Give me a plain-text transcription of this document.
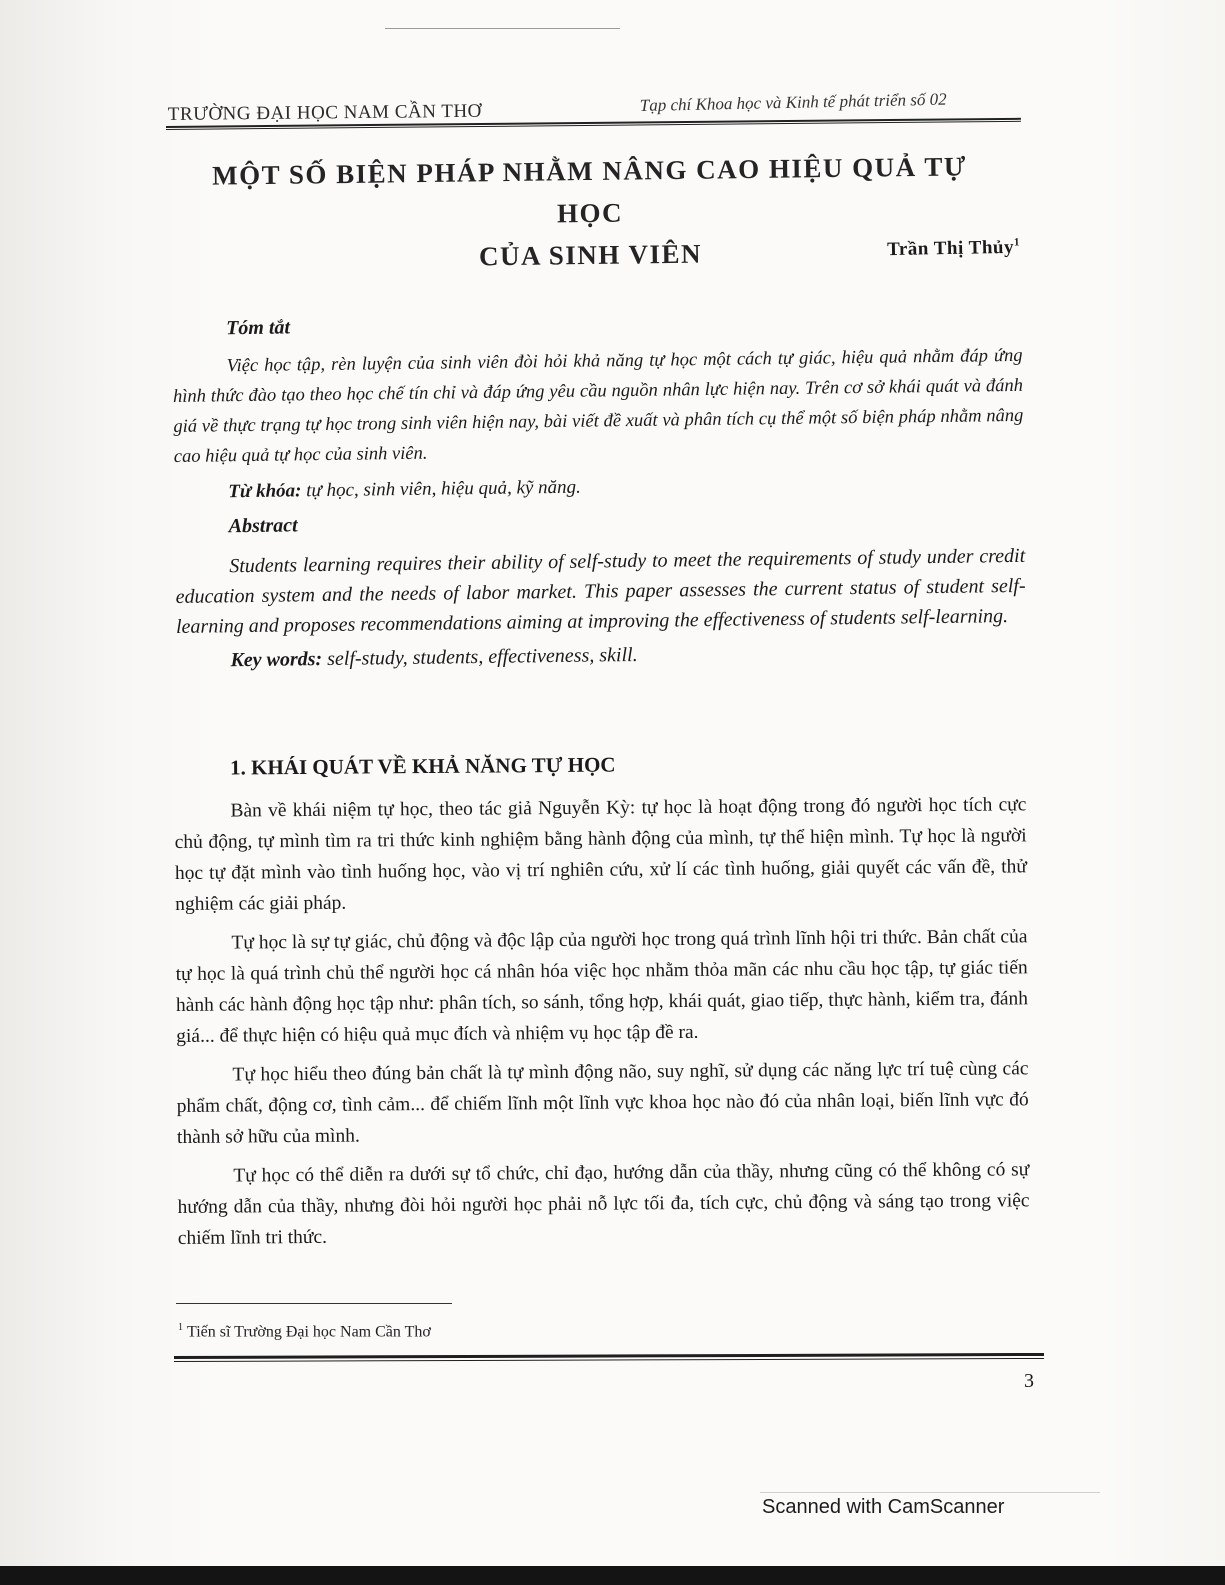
TRƯỜNG ĐẠI HỌC NAM CẦN THƠ	Tạp chí Khoa học và Kinh tế phát triển số 02
MỘT SỐ BIỆN PHÁP NHẰM NÂNG CAO HIỆU QUẢ TỰ HỌC
CỦA SINH VIÊN	Trần Thị Thủy$^1$
Tóm tắt

Việc học tập, rèn luyện của sinh viên đòi hỏi khả năng tự học một cách tự giác, hiệu quả nhằm đáp ứng hình thức đào tạo theo học chế tín chỉ và đáp ứng yêu cầu nguồn nhân lực hiện nay. Trên cơ sở khái quát và đánh giá về thực trạng tự học trong sinh viên hiện nay, bài viết đề xuất và phân tích cụ thể một số biện pháp nhằm nâng cao hiệu quả tự học của sinh viên.

Từ khóa: tự học, sinh viên, hiệu quả, kỹ năng.
Abstract

Students learning requires their ability of self-study to meet the requirements of study under credit education system and the needs of labor market. This paper assesses the current status of student self-learning and proposes recommendations aiming at improving the effectiveness of students self-learning.

Key words: self-study, students, effectiveness, skill.
1. KHÁI QUÁT VỀ KHẢ NĂNG TỰ HỌC

Bàn về khái niệm tự học, theo tác giả Nguyễn Kỳ: tự học là hoạt động trong đó người học tích cực chủ động, tự mình tìm ra tri thức kinh nghiệm bằng hành động của mình, tự thể hiện mình. Tự học là người học tự đặt mình vào tình huống học, vào vị trí nghiên cứu, xử lí các tình huống, giải quyết các vấn đề, thử nghiệm các giải pháp.

Tự học là sự tự giác, chủ động và độc lập của người học trong quá trình lĩnh hội tri thức. Bản chất của tự học là quá trình chủ thể người học cá nhân hóa việc học nhằm thỏa mãn các nhu cầu học tập, tự giác tiến hành các hành động học tập như: phân tích, so sánh, tổng hợp, khái quát, giao tiếp, thực hành, kiểm tra, đánh giá... để thực hiện có hiệu quả mục đích và nhiệm vụ học tập đề ra.

Tự học hiểu theo đúng bản chất là tự mình động não, suy nghĩ, sử dụng các năng lực trí tuệ cùng các phẩm chất, động cơ, tình cảm... để chiếm lĩnh một lĩnh vực khoa học nào đó của nhân loại, biến lĩnh vực đó thành sở hữu của mình.

Tự học có thể diễn ra dưới sự tổ chức, chỉ đạo, hướng dẫn của thầy, nhưng cũng có thể không có sự hướng dẫn của thầy, nhưng đòi hỏi người học phải nỗ lực tối đa, tích cực, chủ động và sáng tạo trong việc chiếm lĩnh tri thức.

$^1$ Tiến sĩ Trường Đại học Nam Cần Thơ
3
Scanned with CamScanner
